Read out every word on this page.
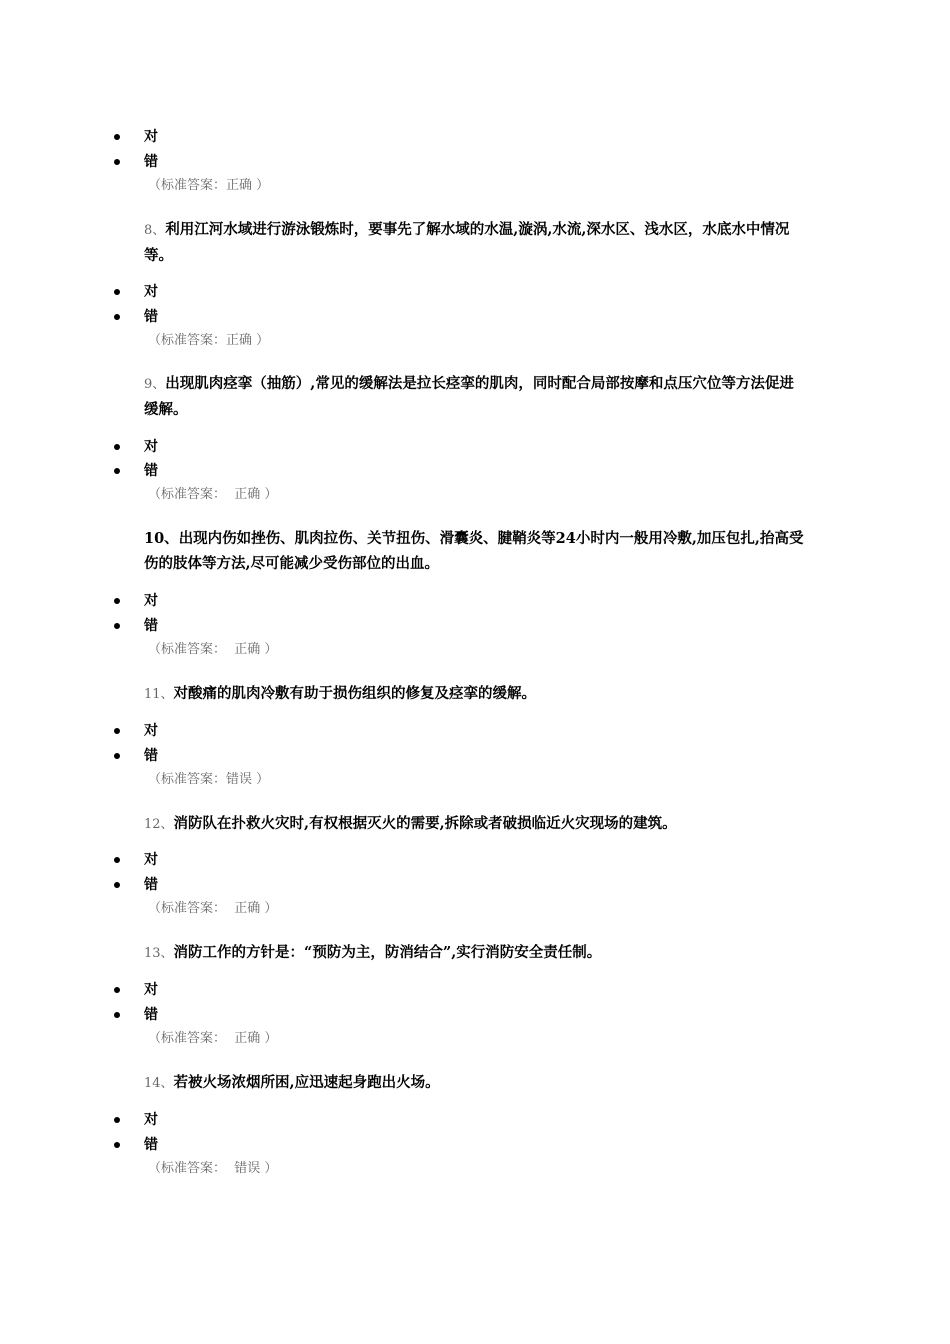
对
错
（标准答案：正确 ）
8、利用江河水域进行游泳锻炼时，要事先了解水域的水温,漩涡,水流,深水区、浅水区，水底水中情况等。
对
错
（标准答案：正确 ）
9、出现肌肉痉挛（抽筋）,常见的缓解法是拉长痉挛的肌肉，同时配合局部按摩和点压穴位等方法促进缓解。
对
错
（标准答案：  正确 ）
10、出现内伤如挫伤、肌肉拉伤、关节扭伤、滑囊炎、腱鞘炎等24小时内一般用冷敷,加压包扎,抬高受伤的肢体等方法,尽可能减少受伤部位的出血。
对
错
（标准答案：  正确 ）
11、对酸痛的肌肉冷敷有助于损伤组织的修复及痉挛的缓解。
对
错
（标准答案：错误 ）
12、消防队在扑救火灾时,有权根据灭火的需要,拆除或者破损临近火灾现场的建筑。
对
错
（标准答案：  正确 ）
13、消防工作的方针是：“预防为主，防消结合”,实行消防安全责任制。
对
错
（标准答案：  正确 ）
14、若被火场浓烟所困,应迅速起身跑出火场。
对
错
（标准答案：  错误 ）
